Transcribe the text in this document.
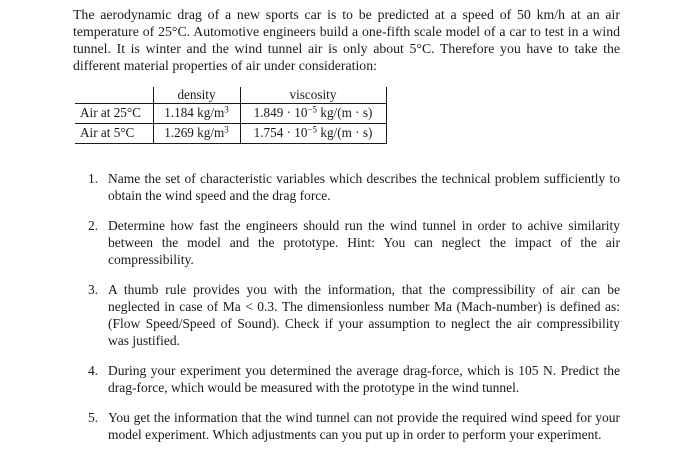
The aerodynamic drag of a new sports car is to be predicted at a speed of 50 km/h at an air temperature of 25°C. Automotive engineers build a one-fifth scale model of a car to test in a wind tunnel. It is winter and the wind tunnel air is only about 5°C. Therefore you have to take the different material properties of air under consideration:

	density	viscosity
Air at 25°C	1.184 $kg/m^3$	$1.849 \cdot 10^{-5}$ kg/(m · s)
Air at 5°C	1.269 $kg/m^3$	$1.754 \cdot 10^{-5}$ kg/(m · s)
1. Name the set of characteristic variables which describes the technical problem sufficiently to obtain the wind speed and the drag force.
2. Determine how fast the engineers should run the wind tunnel in order to achive similarity between the model and the prototype. Hint: You can neglect the impact of the air compressibility.
3. A thumb rule provides you with the information, that the compressibility of air can be neglected in case of Ma < 0.3. The dimensionless number Ma (Mach-number) is defined as: (Flow Speed/Speed of Sound). Check if your assumption to neglect the air compressibility was justified.
4. During your experiment you determined the average drag-force, which is 105 N. Predict the drag-force, which would be measured with the prototype in the wind tunnel.
5. You get the information that the wind tunnel can not provide the required wind speed for your model experiment. Which adjustments can you put up in order to perform your experiment.
